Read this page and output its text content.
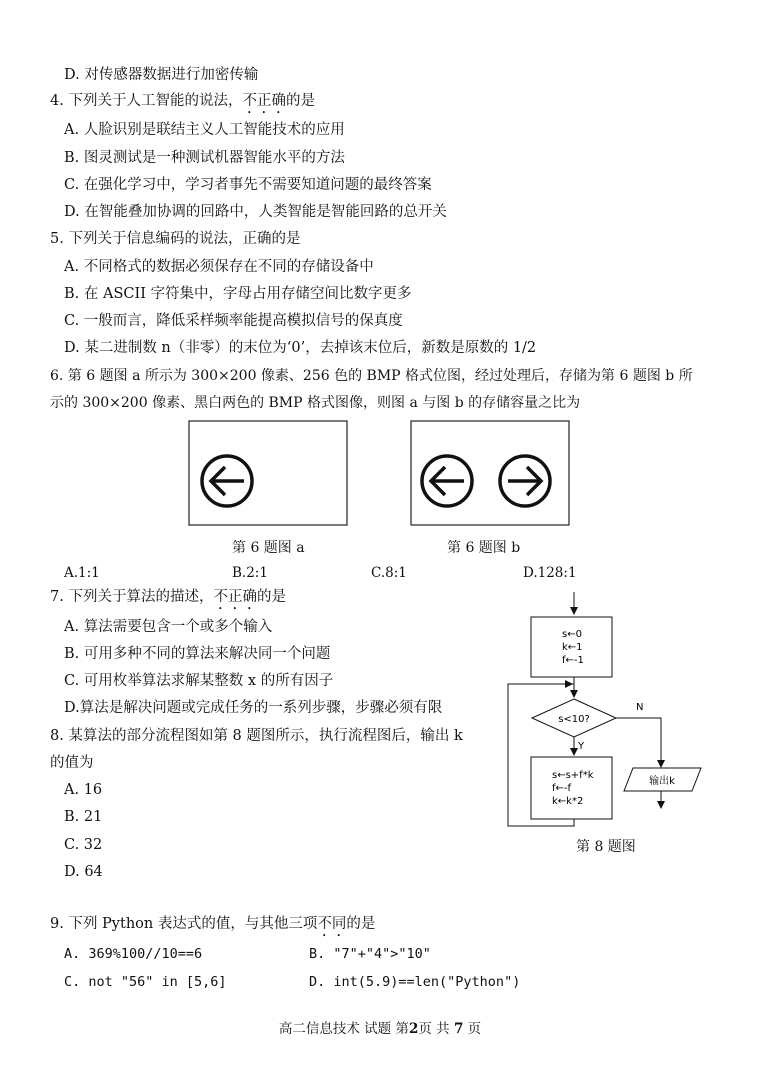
D. 对传感器数据进行加密传输
4. 下列关于人工智能的说法，不正确的是
A. 人脸识别是联结主义人工智能技术的应用
B. 图灵测试是一种测试机器智能水平的方法
C. 在强化学习中，学习者事先不需要知道问题的最终答案
D. 在智能叠加协调的回路中，人类智能是智能回路的总开关
5. 下列关于信息编码的说法，正确的是
A. 不同格式的数据必须保存在不同的存储设备中
B. 在 ASCII 字符集中，字母占用存储空间比数字更多
C. 一般而言，降低采样频率能提高模拟信号的保真度
D. 某二进制数 n（非零）的末位为‘0’，去掉该末位后，新数是原数的 1/2
6. 第 6 题图 a 所示为 300×200 像素、256 色的 BMP 格式位图，经过处理后，存储为第 6 题图 b 所
示的 300×200 像素、黑白两色的 BMP 格式图像，则图 a 与图 b 的存储容量之比为
第 6 题图 a	第 6 题图 b
A.1:1	B.2:1	C.8:1	D.128:1
7. 下列关于算法的描述，不正确的是
A. 算法需要包含一个或多个输入
B. 可用多种不同的算法来解决同一个问题
C. 可用枚举算法求解某整数 x 的所有因子
D.算法是解决问题或完成任务的一系列步骤，步骤必须有限
8. 某算法的部分流程图如第 8 题图所示，执行流程图后，输出 k
的值为
A. 16
B. 21
C. 32
D. 64
s←0
k←1
f←-1
s<10?
N
输出k
Y
s←s+f*k
f←-f
k←k*2
第 8 题图
9. 下列 Python 表达式的值，与其他三项不同的是
A. 369%100//10==6	B. "7"+"4">"10"
C. not "56" in [5,6]	D. int(5.9)==len("Python")
高二信息技术 试题 第2页 共 7 页
